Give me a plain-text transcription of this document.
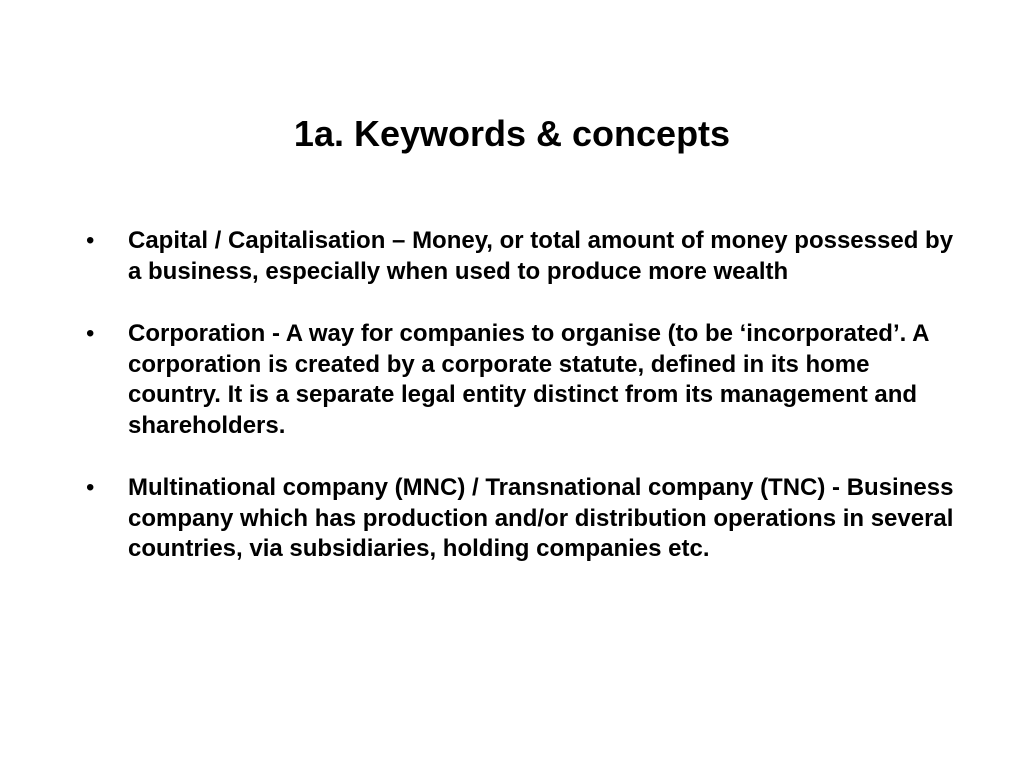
1a. Keywords & concepts
•	Capital / Capitalisation – Money, or total amount of money possessed by a business, especially when used to produce more wealth
•	Corporation - A way for companies to organise (to be ‘incorporated’. A corporation is created by a corporate statute, defined in its home country. It is a separate legal entity distinct from its management and shareholders.
•	Multinational company (MNC) / Transnational company (TNC) - Business company which has production and/or distribution operations in several countries, via subsidiaries, holding companies etc.
